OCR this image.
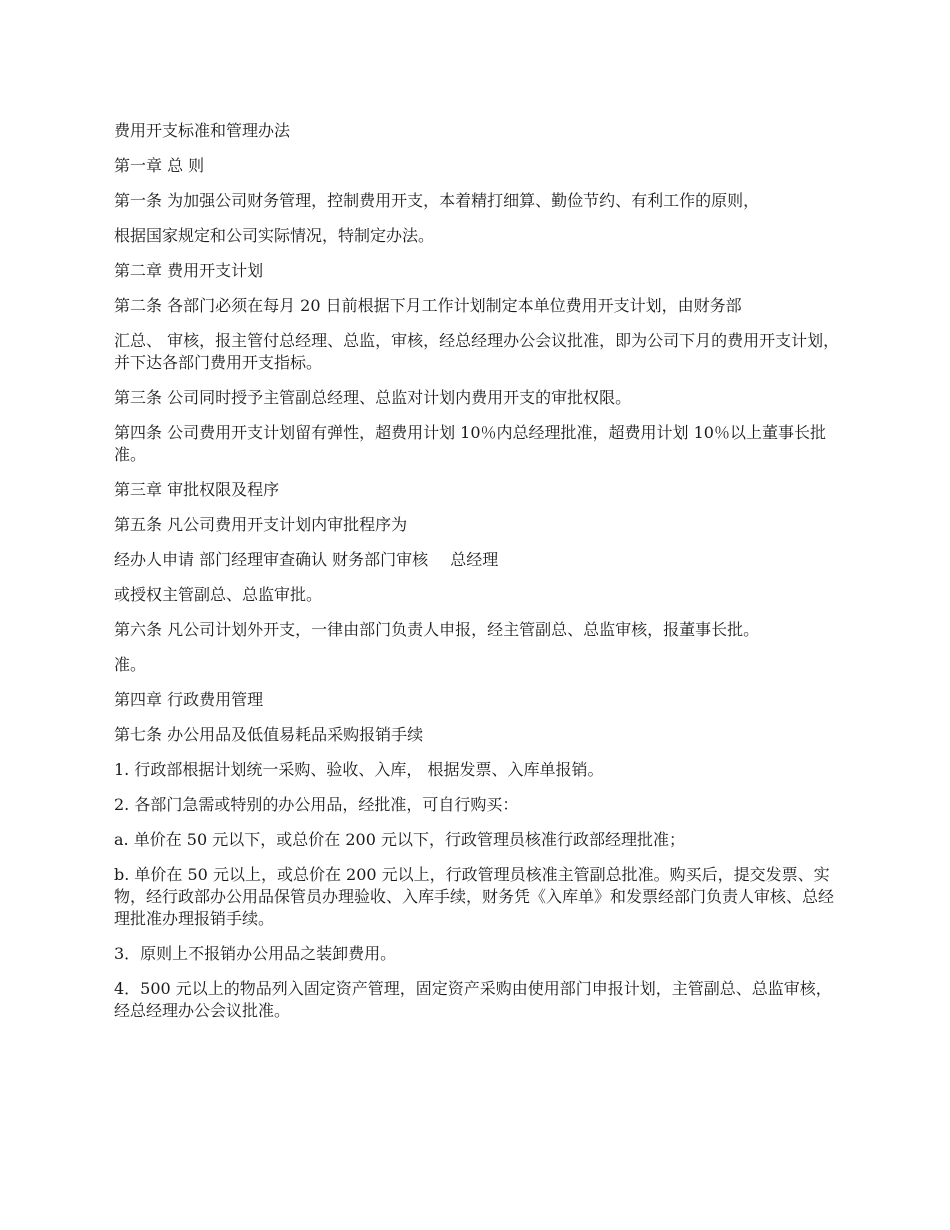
费用开支标准和管理办法

第一章 总 则

第一条 为加强公司财务管理，控制费用开支，本着精打细算、勤俭节约、有利工作的原则，

根据国家规定和公司实际情况，特制定办法。

第二章 费用开支计划

第二条 各部门必须在每月 20 日前根据下月工作计划制定本单位费用开支计划，由财务部

汇总、 审核，报主管付总经理、总监，审核，经总经理办公会议批准，即为公司下月的费用开支计划，并下达各部门费用开支指标。

第三条 公司同时授予主管副总经理、总监对计划内费用开支的审批权限。

第四条 公司费用开支计划留有弹性，超费用计划 10％内总经理批准，超费用计划 10％以上董事长批准。

第三章 审批权限及程序

第五条 凡公司费用开支计划内审批程序为

经办人申请 部门经理审查确认 财务部门审核 总经理

或授权主管副总、总监审批。

第六条 凡公司计划外开支，一律由部门负责人申报，经主管副总、总监审核，报董事长批。

准。

第四章 行政费用管理

第七条 办公用品及低值易耗品采购报销手续

1. 行政部根据计划统一采购、验收、入库， 根据发票、入库单报销。

2. 各部门急需或特别的办公用品，经批准，可自行购买：

a. 单价在 50 元以下，或总价在 200 元以下，行政管理员核准行政部经理批准；

b. 单价在 50 元以上，或总价在 200 元以上，行政管理员核准主管副总批准。购买后，提交发票、实物，经行政部办公用品保管员办理验收、入库手续，财务凭《入库单》和发票经部门负责人审核、总经理批准办理报销手续。

3．原则上不报销办公用品之装卸费用。

4．500 元以上的物品列入固定资产管理，固定资产采购由使用部门申报计划，主管副总、总监审核，经总经理办公会议批准。
